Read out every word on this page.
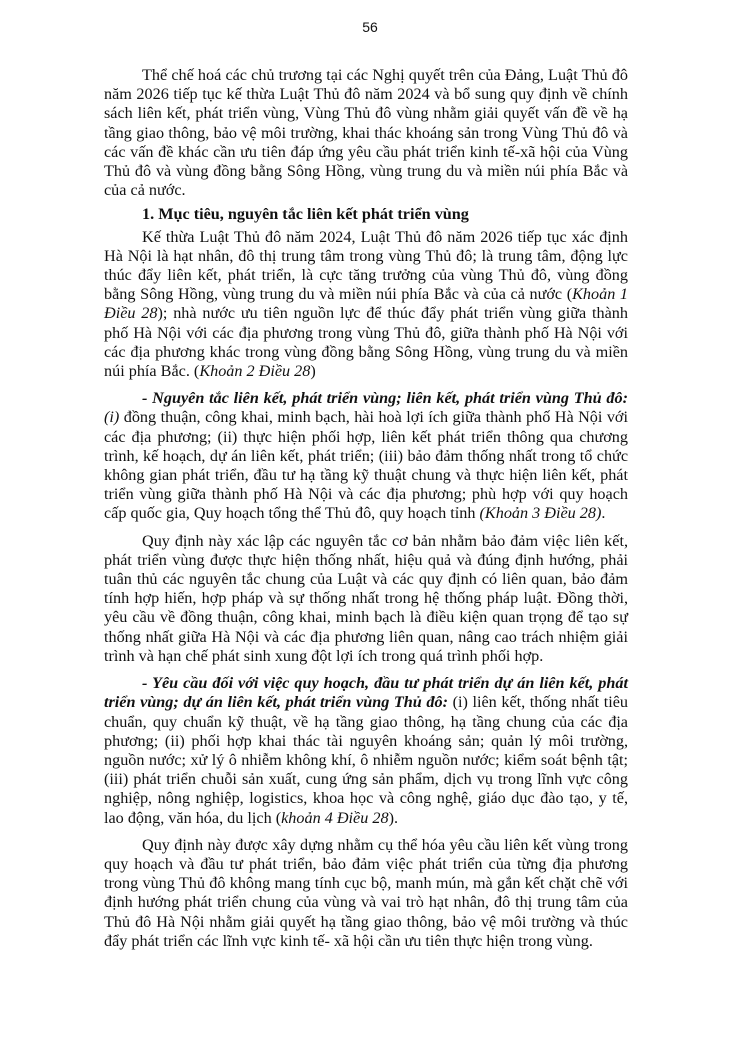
56

Thể chế hoá các chủ trương tại các Nghị quyết trên của Đảng, Luật Thủ đô năm 2026 tiếp tục kế thừa Luật Thủ đô năm 2024 và bổ sung quy định về chính sách liên kết, phát triển vùng, Vùng Thủ đô vùng nhằm giải quyết vấn đề về hạ tầng giao thông, bảo vệ môi trường, khai thác khoáng sản trong Vùng Thủ đô và các vấn đề khác cần ưu tiên đáp ứng yêu cầu phát triển kinh tế-xã hội của Vùng Thủ đô và vùng đồng bằng Sông Hồng, vùng trung du và miền núi phía Bắc và của cả nước.

1. Mục tiêu, nguyên tắc liên kết phát triển vùng

Kế thừa Luật Thủ đô năm 2024, Luật Thủ đô năm 2026 tiếp tục xác định Hà Nội là hạt nhân, đô thị trung tâm trong vùng Thủ đô; là trung tâm, động lực thúc đẩy liên kết, phát triển, là cực tăng trưởng của vùng Thủ đô, vùng đồng bằng Sông Hồng, vùng trung du và miền núi phía Bắc và của cả nước (Khoản 1 Điều 28); nhà nước ưu tiên nguồn lực để thúc đẩy phát triển vùng giữa thành phố Hà Nội với các địa phương trong vùng Thủ đô, giữa thành phố Hà Nội với các địa phương khác trong vùng đồng bằng Sông Hồng, vùng trung du và miền núi phía Bắc. (Khoản 2 Điều 28)

- Nguyên tắc liên kết, phát triển vùng; liên kết, phát triển vùng Thủ đô: (i) đồng thuận, công khai, minh bạch, hài hoà lợi ích giữa thành phố Hà Nội với các địa phương; (ii) thực hiện phối hợp, liên kết phát triển thông qua chương trình, kế hoạch, dự án liên kết, phát triển; (iii) bảo đảm thống nhất trong tổ chức không gian phát triển, đầu tư hạ tầng kỹ thuật chung và thực hiện liên kết, phát triển vùng giữa thành phố Hà Nội và các địa phương; phù hợp với quy hoạch cấp quốc gia, Quy hoạch tổng thể Thủ đô, quy hoạch tỉnh (Khoản 3 Điều 28).

Quy định này xác lập các nguyên tắc cơ bản nhằm bảo đảm việc liên kết, phát triển vùng được thực hiện thống nhất, hiệu quả và đúng định hướng, phải tuân thủ các nguyên tắc chung của Luật và các quy định có liên quan, bảo đảm tính hợp hiến, hợp pháp và sự thống nhất trong hệ thống pháp luật. Đồng thời, yêu cầu về đồng thuận, công khai, minh bạch là điều kiện quan trọng để tạo sự thống nhất giữa Hà Nội và các địa phương liên quan, nâng cao trách nhiệm giải trình và hạn chế phát sinh xung đột lợi ích trong quá trình phối hợp.

- Yêu cầu đối với việc quy hoạch, đầu tư phát triển dự án liên kết, phát triển vùng; dự án liên kết, phát triển vùng Thủ đô: (i) liên kết, thống nhất tiêu chuẩn, quy chuẩn kỹ thuật, về hạ tầng giao thông, hạ tầng chung của các địa phương; (ii) phối hợp khai thác tài nguyên khoáng sản; quản lý môi trường, nguồn nước; xử lý ô nhiễm không khí, ô nhiễm nguồn nước; kiểm soát bệnh tật; (iii) phát triển chuỗi sản xuất, cung ứng sản phẩm, dịch vụ trong lĩnh vực công nghiệp, nông nghiệp, logistics, khoa học và công nghệ, giáo dục đào tạo, y tế, lao động, văn hóa, du lịch (khoản 4 Điều 28).

Quy định này được xây dựng nhằm cụ thể hóa yêu cầu liên kết vùng trong quy hoạch và đầu tư phát triển, bảo đảm việc phát triển của từng địa phương trong vùng Thủ đô không mang tính cục bộ, manh mún, mà gắn kết chặt chẽ với định hướng phát triển chung của vùng và vai trò hạt nhân, đô thị trung tâm của Thủ đô Hà Nội nhằm giải quyết hạ tầng giao thông, bảo vệ môi trường và thúc đẩy phát triển các lĩnh vực kinh tế- xã hội cần ưu tiên thực hiện trong vùng.
